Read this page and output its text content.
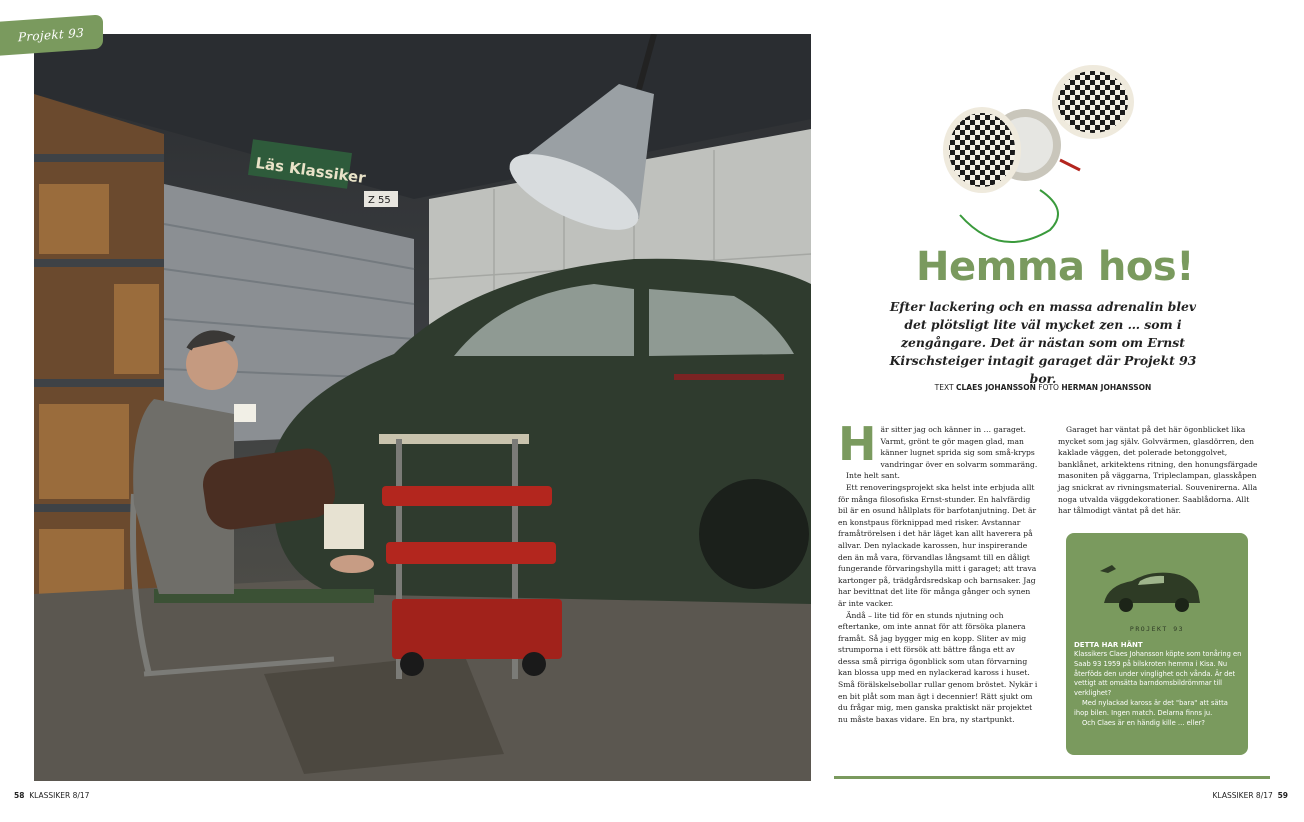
Projekt 93
Läs Klassiker
Z 55
Hemma hos!
Efter lackering och en massa adrenalin blev det plötsligt lite väl mycket zen … som i zengångare. Det är nästan som om Ernst Kirschsteiger intagit garaget där Projekt 93 bor.
TEXT CLAES JOHANSSON FOTO HERMAN JOHANSSON
H är sitter jag och känner in … garaget. Varmt, grönt te gör magen glad, man känner lugnet sprida sig som små-kryps vandringar över en solvarm sommaräng.

Inte helt sant.

Ett renoveringsprojekt ska helst inte erbjuda allt för många filosofiska Ernst-stunder. En halvfärdig bil är en osund hållplats för barfotanjutning. Det är en konstpaus förknippad med risker. Avstannar framåtrörelsen i det här läget kan allt haverera på allvar. Den nylackade karossen, hur inspirerande den än må vara, förvandlas långsamt till en dåligt fungerande förvaringshylla mitt i garaget; att trava kartonger på, trädgårdsredskap och barnsaker. Jag har bevittnat det lite för många gånger och synen är inte vacker.

Ändå – lite tid för en stunds njutning och eftertanke, om inte annat för att försöka planera framåt. Så jag bygger mig en kopp. Sliter av mig strumporna i ett försök att bättre fånga ett av dessa små pirriga ögonblick som utan förvarning kan blossa upp med en nylackerad kaross i huset. Små förälskelsebollar rullar genom bröstet. Nykär i en bit plåt som man ägt i decennier! Rätt sjukt om du frågar mig, men ganska praktiskt när projektet nu måste baxas vidare. En bra, ny startpunkt.

Garaget har väntat på det här ögonblicket lika mycket som jag själv. Golvvärmen, glasdörren, den kaklade väggen, det polerade betonggolvet, banklånet, arkitektens ritning, den honungsfärgade masoniten på väggarna, Tripleclampan, glasskåpen jag snickrat av rivningsmaterial. Souvenirerna. Alla noga utvalda väggdekorationer. Saablådorna. Allt har tålmodigt väntat på det här.

PROJEKT 93
DETTA HAR HÄNT

Klassikers Claes Johansson köpte som tonåring en Saab 93 1959 på bilskroten hemma i Kisa. Nu återföds den under vinglighet och vånda. Är det vettigt att omsätta barndomsbildrömmar till verklighet?

Med nylackad kaross är det "bara" att sätta ihop bilen. Ingen match. Delarna finns ju.

Och Claes är en händig kille … eller?

58 KLASSIKER 8/17	KLASSIKER 8/17 59
